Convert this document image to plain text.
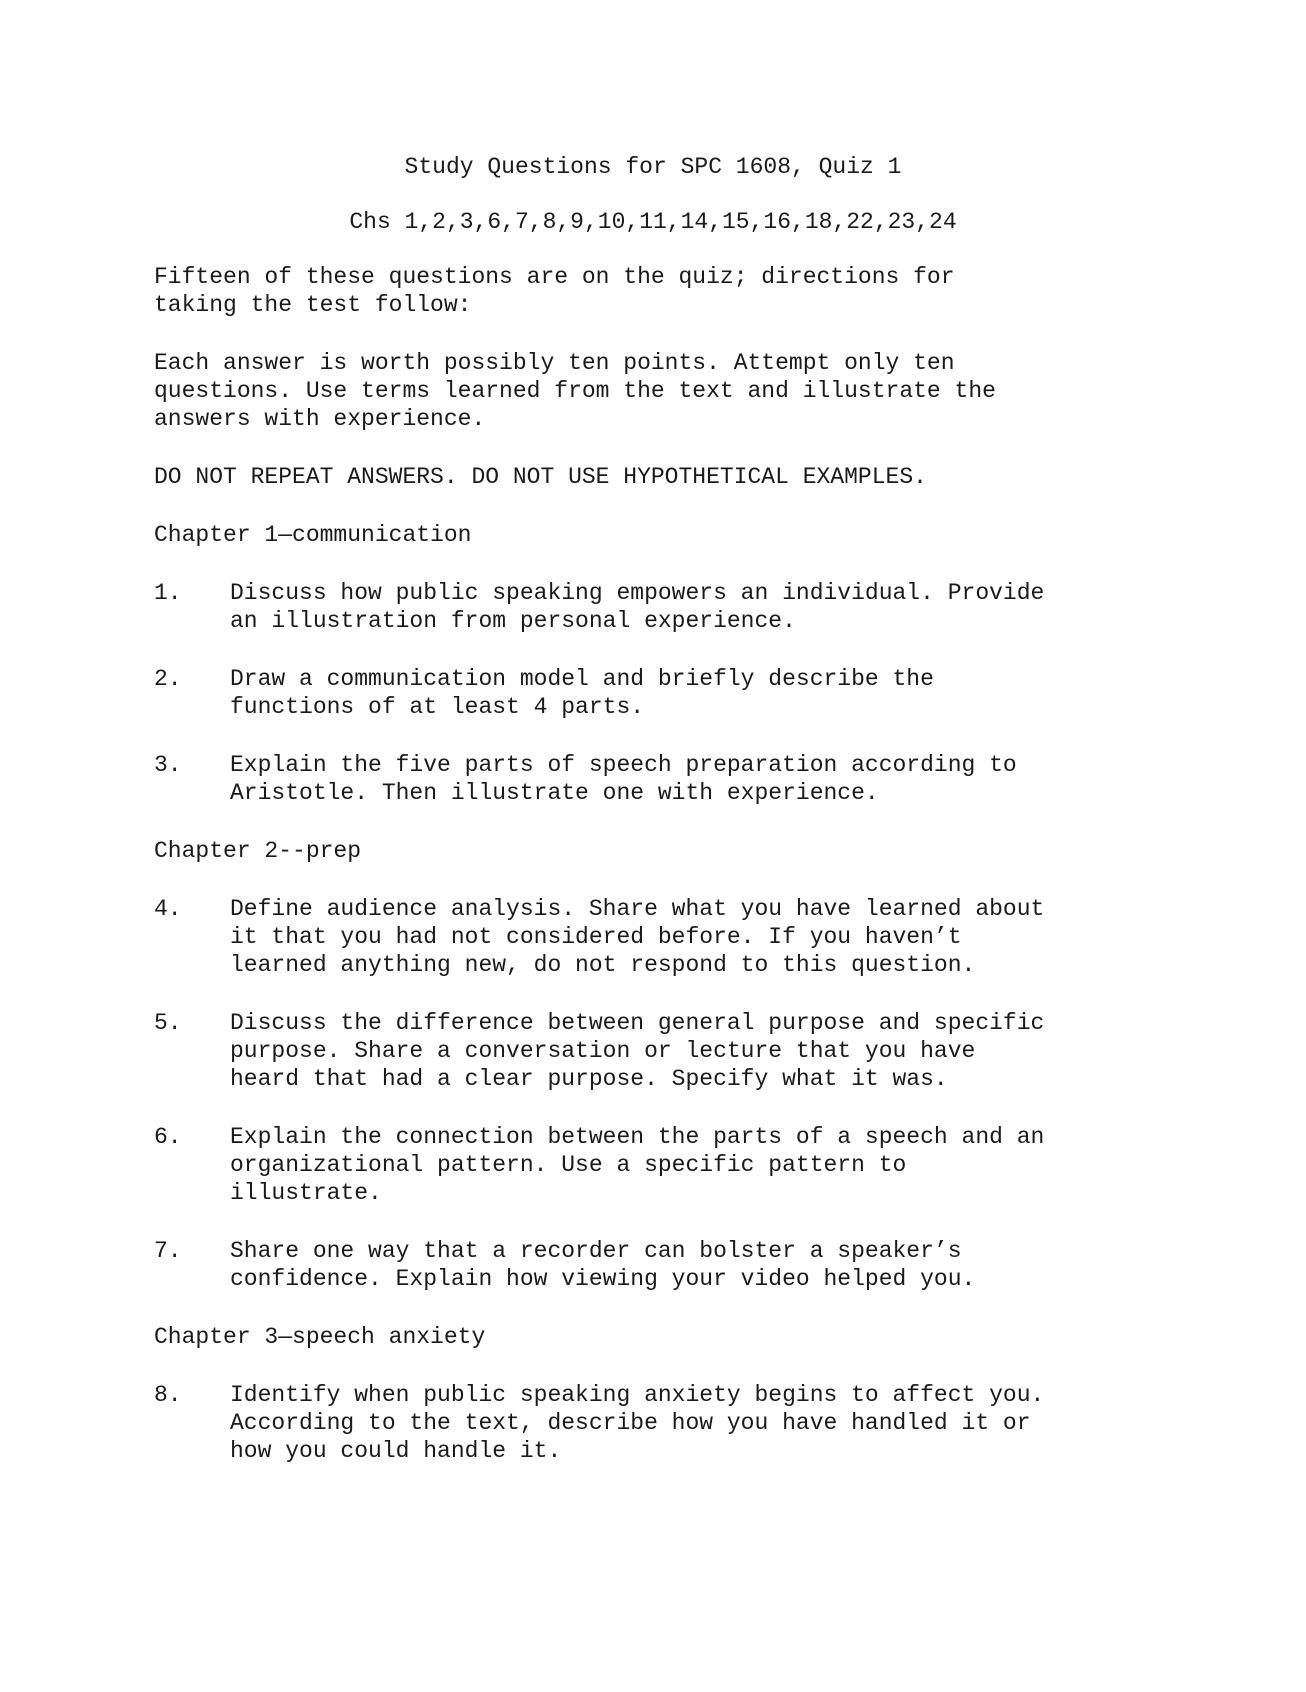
Study Questions for SPC 1608, Quiz 1

Chs 1,2,3,6,7,8,9,10,11,14,15,16,18,22,23,24

Fifteen of these questions are on the quiz; directions for
taking the test follow:

Each answer is worth possibly ten points. Attempt only ten
questions. Use terms learned from the text and illustrate the
answers with experience.

DO NOT REPEAT ANSWERS. DO NOT USE HYPOTHETICAL EXAMPLES.

Chapter 1—communication

1.	Discuss how public speaking empowers an individual. Provide
an illustration from personal experience.
2.	Draw a communication model and briefly describe the
functions of at least 4 parts.
3.	Explain the five parts of speech preparation according to
Aristotle. Then illustrate one with experience.

Chapter 2--prep

4.	Define audience analysis. Share what you have learned about
it that you had not considered before. If you haven’t
learned anything new, do not respond to this question.
5.	Discuss the difference between general purpose and specific
purpose. Share a conversation or lecture that you have
heard that had a clear purpose. Specify what it was.
6.	Explain the connection between the parts of a speech and an
organizational pattern. Use a specific pattern to
illustrate.
7.	Share one way that a recorder can bolster a speaker’s
confidence. Explain how viewing your video helped you.

Chapter 3—speech anxiety

8.	Identify when public speaking anxiety begins to affect you.
According to the text, describe how you have handled it or
how you could handle it.
